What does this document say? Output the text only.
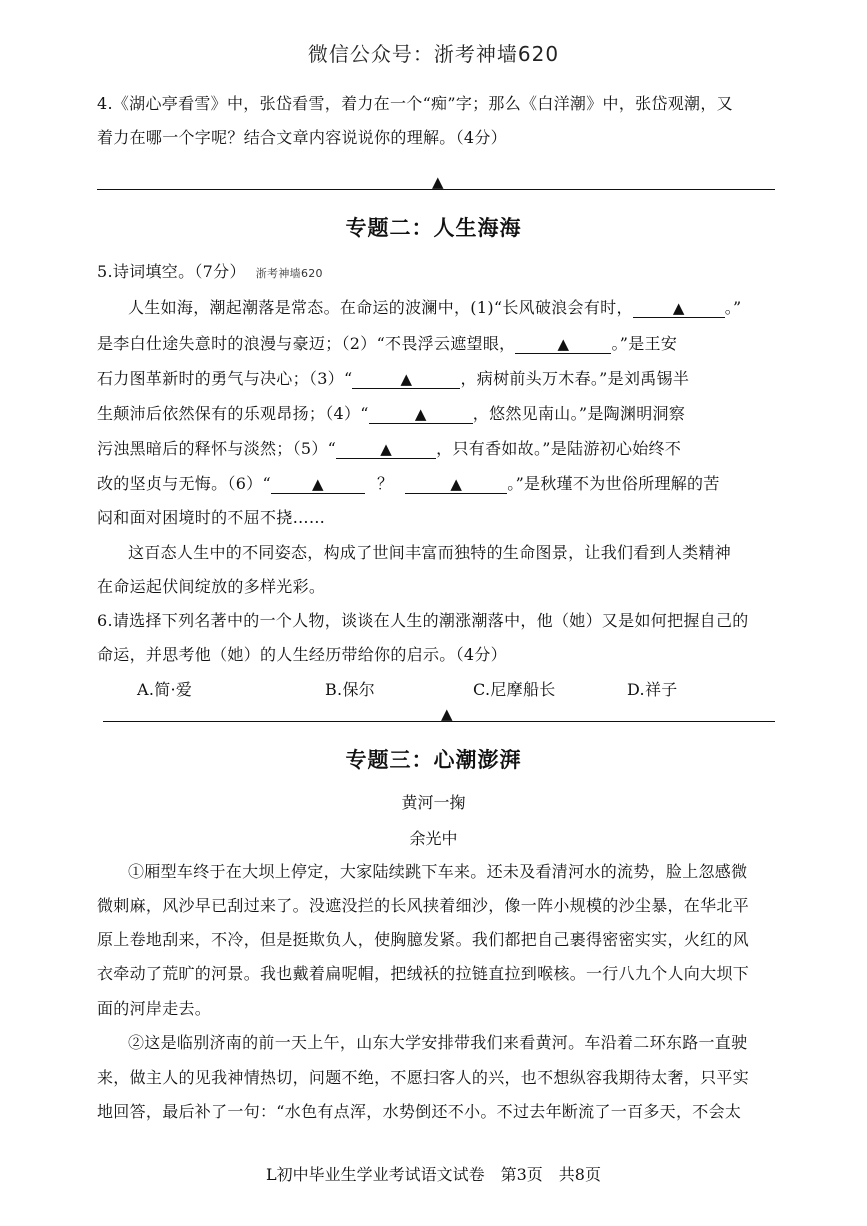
微信公众号：浙考神墙620
4.《湖心亭看雪》中，张岱看雪，着力在一个“痴”字；那么《白洋潮》中，张岱观潮，又
着力在哪一个字呢？结合文章内容说说你的理解。（4分）
▲
专题二：人生海海
5.诗词填空。（7分） 浙考神墙620
人生如海，潮起潮落是常态。在命运的波澜中，(1)“长风破浪会有时，	▲	。”
是李白仕途失意时的浪漫与豪迈；（2）“不畏浮云遮望眼，	▲	。”是王安
石力图革新时的勇气与决心；（3）“	▲	，病树前头万木春。”是刘禹锡半
生颠沛后依然保有的乐观昂扬；（4）“	▲	，悠然见南山。”是陶渊明洞察
污浊黑暗后的释怀与淡然；（5）“	▲	，只有香如故。”是陆游初心始终不
改的坚贞与无悔。（6）“	▲	？	▲	。”是秋瑾不为世俗所理解的苦
闷和面对困境时的不屈不挠……
这百态人生中的不同姿态，构成了世间丰富而独特的生命图景，让我们看到人类精神
在命运起伏间绽放的多样光彩。
6.请选择下列名著中的一个人物，谈谈在人生的潮涨潮落中，他（她）又是如何把握自己的
命运，并思考他（她）的人生经历带给你的启示。（4分）
A.简·爱	B.保尔	C.尼摩船长	D.祥子
▲
专题三：心潮澎湃
黄河一掬
余光中
①厢型车终于在大坝上停定，大家陆续跳下车来。还未及看清河水的流势，脸上忽感微
微刺麻，风沙早已刮过来了。没遮没拦的长风挟着细沙，像一阵小规模的沙尘暴，在华北平
原上卷地刮来，不冷，但是挺欺负人，使胸臆发紧。我们都把自己裹得密密实实，火红的风
衣牵动了荒旷的河景。我也戴着扁呢帽，把绒袄的拉链直拉到喉核。一行八九个人向大坝下
面的河岸走去。
②这是临别济南的前一天上午，山东大学安排带我们来看黄河。车沿着二环东路一直驶
来，做主人的见我神情热切，问题不绝，不愿扫客人的兴，也不想纵容我期待太奢，只平实
地回答，最后补了一句：“水色有点浑，水势倒还不小。不过去年断流了一百多天，不会太
L初中毕业生学业考试语文试卷　第3页　共8页
